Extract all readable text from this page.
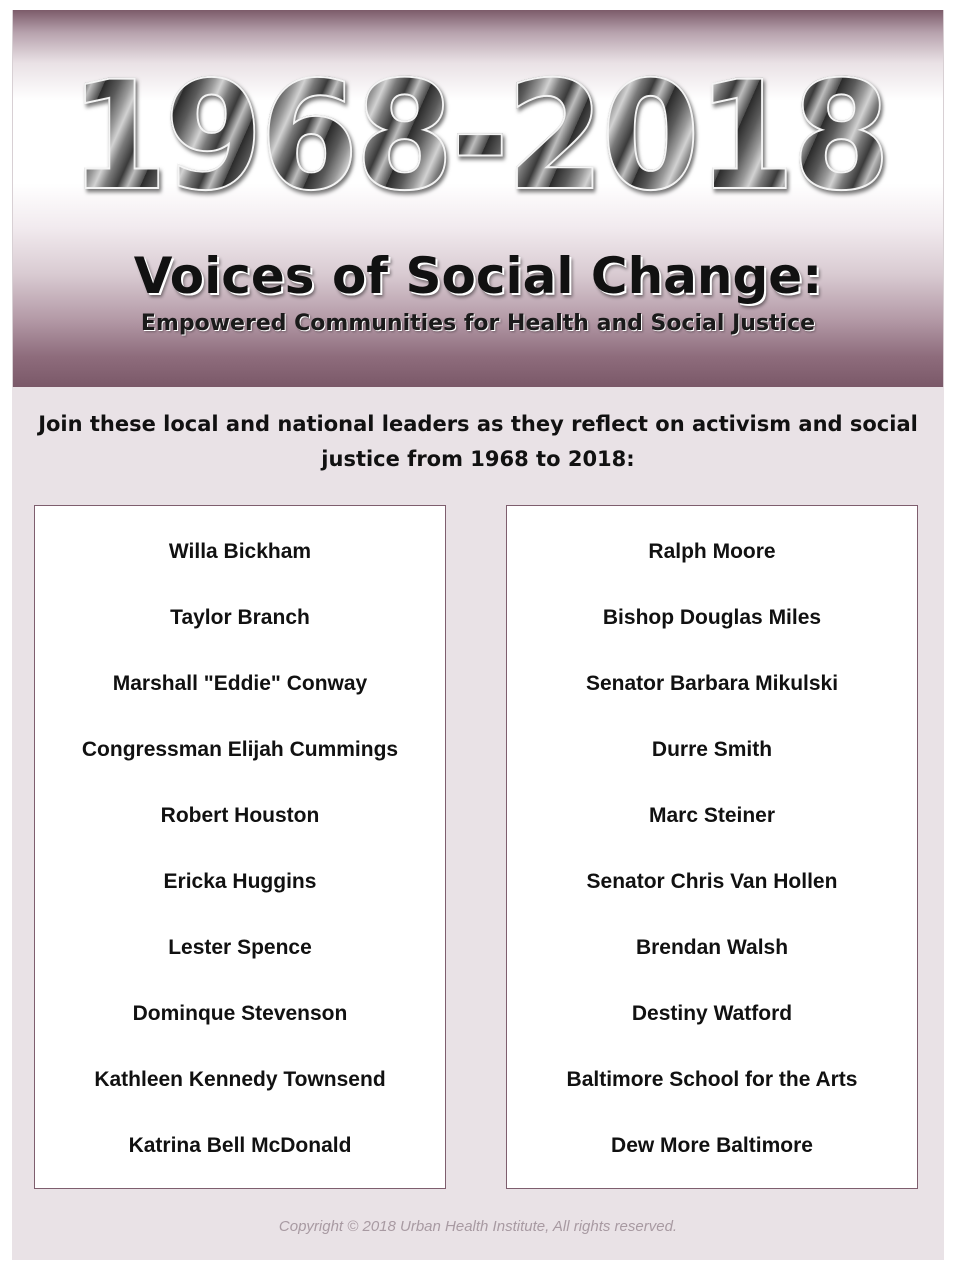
1968-2018
Voices of Social Change:
Empowered Communities for Health and Social Justice
Join these local and national leaders as they reflect on activism and social justice from 1968 to 2018:
Willa Bickham
Taylor Branch
Marshall "Eddie" Conway
Congressman Elijah Cummings
Robert Houston
Ericka Huggins
Lester Spence
Dominque Stevenson
Kathleen Kennedy Townsend
Katrina Bell McDonald
Ralph Moore
Bishop Douglas Miles
Senator Barbara Mikulski
Durre Smith
Marc Steiner
Senator Chris Van Hollen
Brendan Walsh
Destiny Watford
Baltimore School for the Arts
Dew More Baltimore
Copyright © 2018 Urban Health Institute, All rights reserved.
